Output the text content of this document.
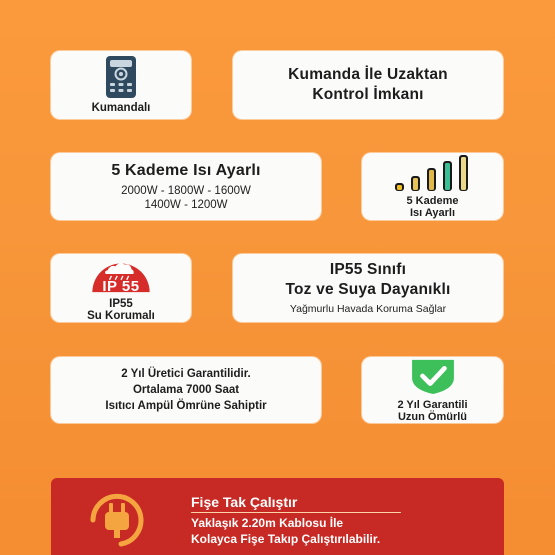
Kumandalı
Kumanda İle Uzaktan
Kontrol İmkanı
5 Kademe Isı Ayarlı
2000W - 1800W - 1600W
1400W - 1200W	5 Kademe
Isı Ayarlı
IP 55
IP55
Su Korumalı
IP55 Sınıfı
Toz ve Suya Dayanıklı
Yağmurlu Havada Koruma Sağlar
2 Yıl Üretici Garantilidir.
Ortalama 7000 Saat
Isıtıcı Ampül Ömrüne Sahiptir	2 Yıl Garantili
Uzun Ömürlü
Fişe Tak Çalıştır
Yaklaşık 2.20m Kablosu İle
Kolayca Fişe Takıp Çalıştırılabilir.
